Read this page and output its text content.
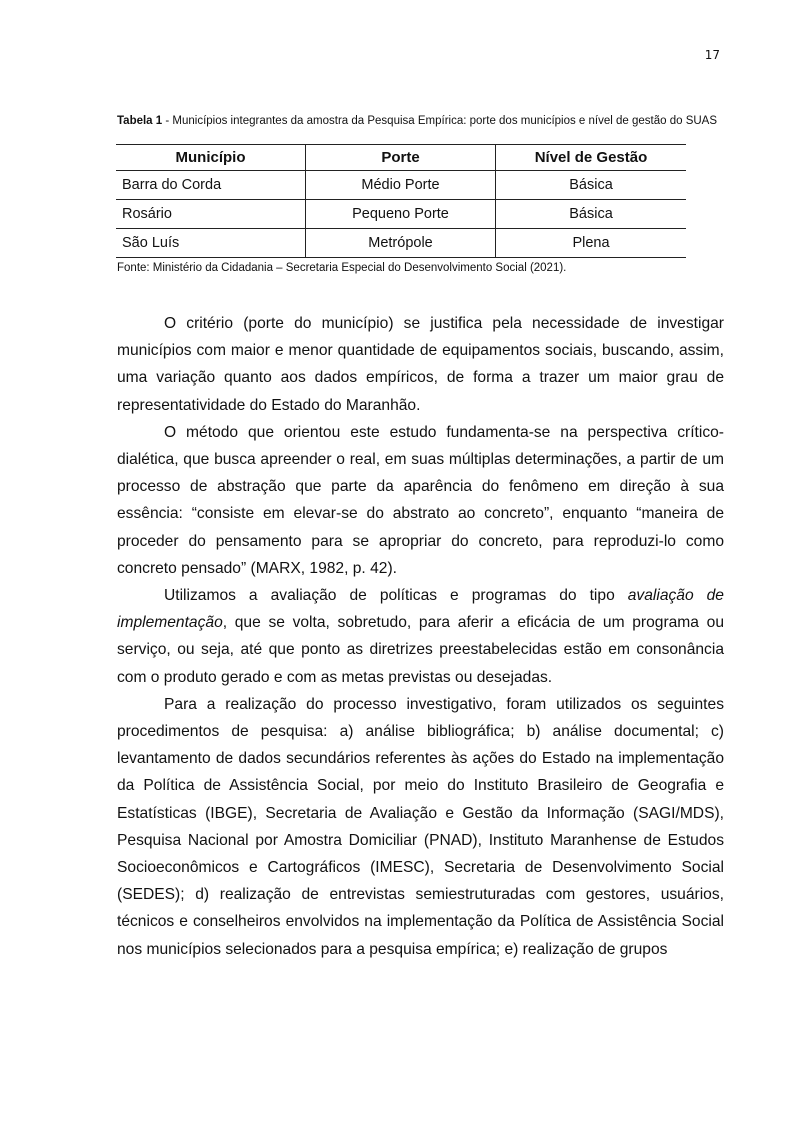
17
Tabela 1 - Municípios integrantes da amostra da Pesquisa Empírica: porte dos municípios e nível de gestão do SUAS
Município	Porte	Nível de Gestão
Barra do Corda	Médio Porte	Básica
Rosário	Pequeno Porte	Básica
São Luís	Metrópole	Plena
Fonte: Ministério da Cidadania – Secretaria Especial do Desenvolvimento Social (2021).

O critério (porte do município) se justifica pela necessidade de investigar municípios com maior e menor quantidade de equipamentos sociais, buscando, assim, uma variação quanto aos dados empíricos, de forma a trazer um maior grau de representatividade do Estado do Maranhão.

O método que orientou este estudo fundamenta-se na perspectiva crítico-dialética, que busca apreender o real, em suas múltiplas determinações, a partir de um processo de abstração que parte da aparência do fenômeno em direção à sua essência: “consiste em elevar-se do abstrato ao concreto”, enquanto “maneira de proceder do pensamento para se apropriar do concreto, para reproduzi-lo como concreto pensado” (MARX, 1982, p. 42).

Utilizamos a avaliação de políticas e programas do tipo avaliação de implementação, que se volta, sobretudo, para aferir a eficácia de um programa ou serviço, ou seja, até que ponto as diretrizes preestabelecidas estão em consonância com o produto gerado e com as metas previstas ou desejadas.

Para a realização do processo investigativo, foram utilizados os seguintes procedimentos de pesquisa: a) análise bibliográfica; b) análise documental; c) levantamento de dados secundários referentes às ações do Estado na implementação da Política de Assistência Social, por meio do Instituto Brasileiro de Geografia e Estatísticas (IBGE), Secretaria de Avaliação e Gestão da Informação (SAGI/MDS), Pesquisa Nacional por Amostra Domiciliar (PNAD), Instituto Maranhense de Estudos Socioeconômicos e Cartográficos (IMESC), Secretaria de Desenvolvimento Social (SEDES); d) realização de entrevistas semiestruturadas com gestores, usuários, técnicos e conselheiros envolvidos na implementação da Política de Assistência Social nos municípios selecionados para a pesquisa empírica; e) realização de grupos
